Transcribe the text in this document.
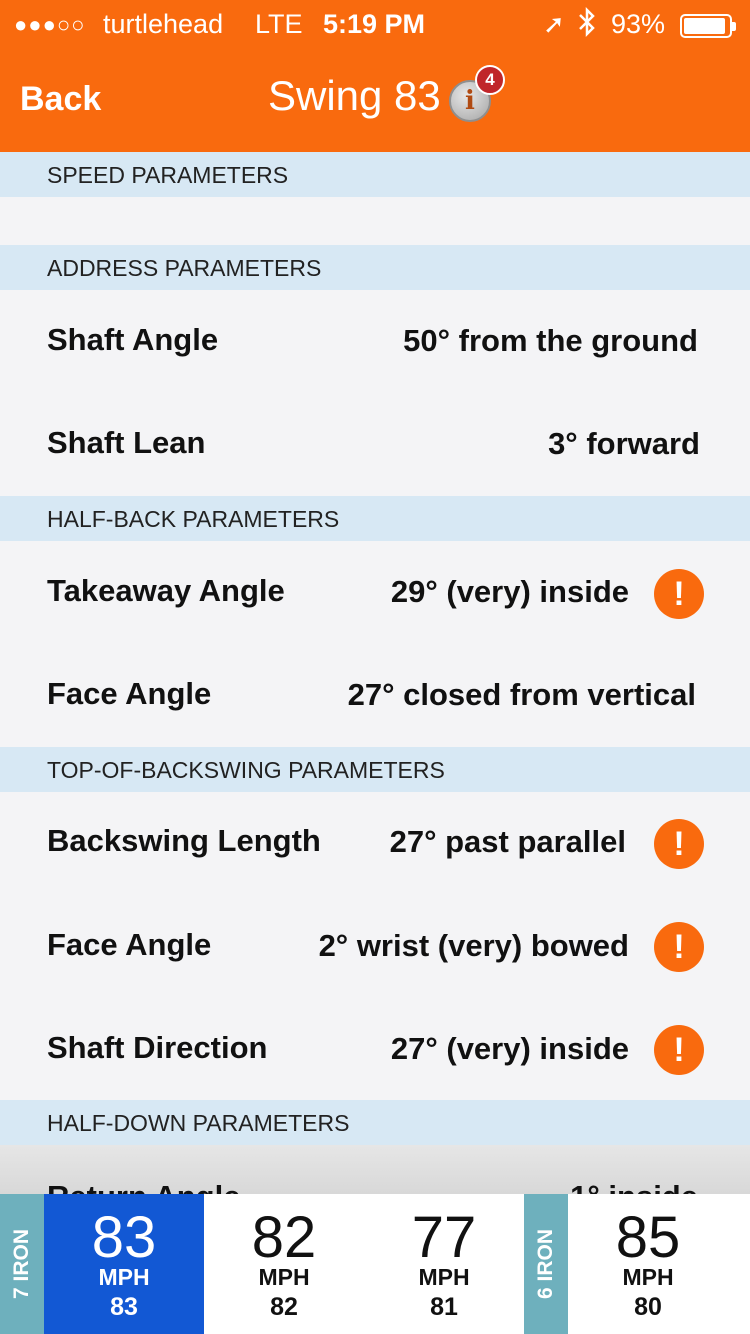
●●●○○ turtlehead LTE 5:19 PM	➚ 93%
Back	Swing 83 i
4
SPEED PARAMETERS
ADDRESS PARAMETERS
Shaft Angle	50° from the ground
Shaft Lean	3° forward
HALF-BACK PARAMETERS
Takeaway Angle	29° (very) inside	!
Face Angle	27° closed from vertical
TOP-OF-BACKSWING PARAMETERS
Backswing Length 27° past parallel	!
Face Angle	2° wrist (very) bowed	!
Shaft Direction	27° (very) inside	!
HALF-DOWN PARAMETERS
7 IRON	83
MPH
83
82
MPH
82
77
MPH
81
6 IRON	85
MPH
80
